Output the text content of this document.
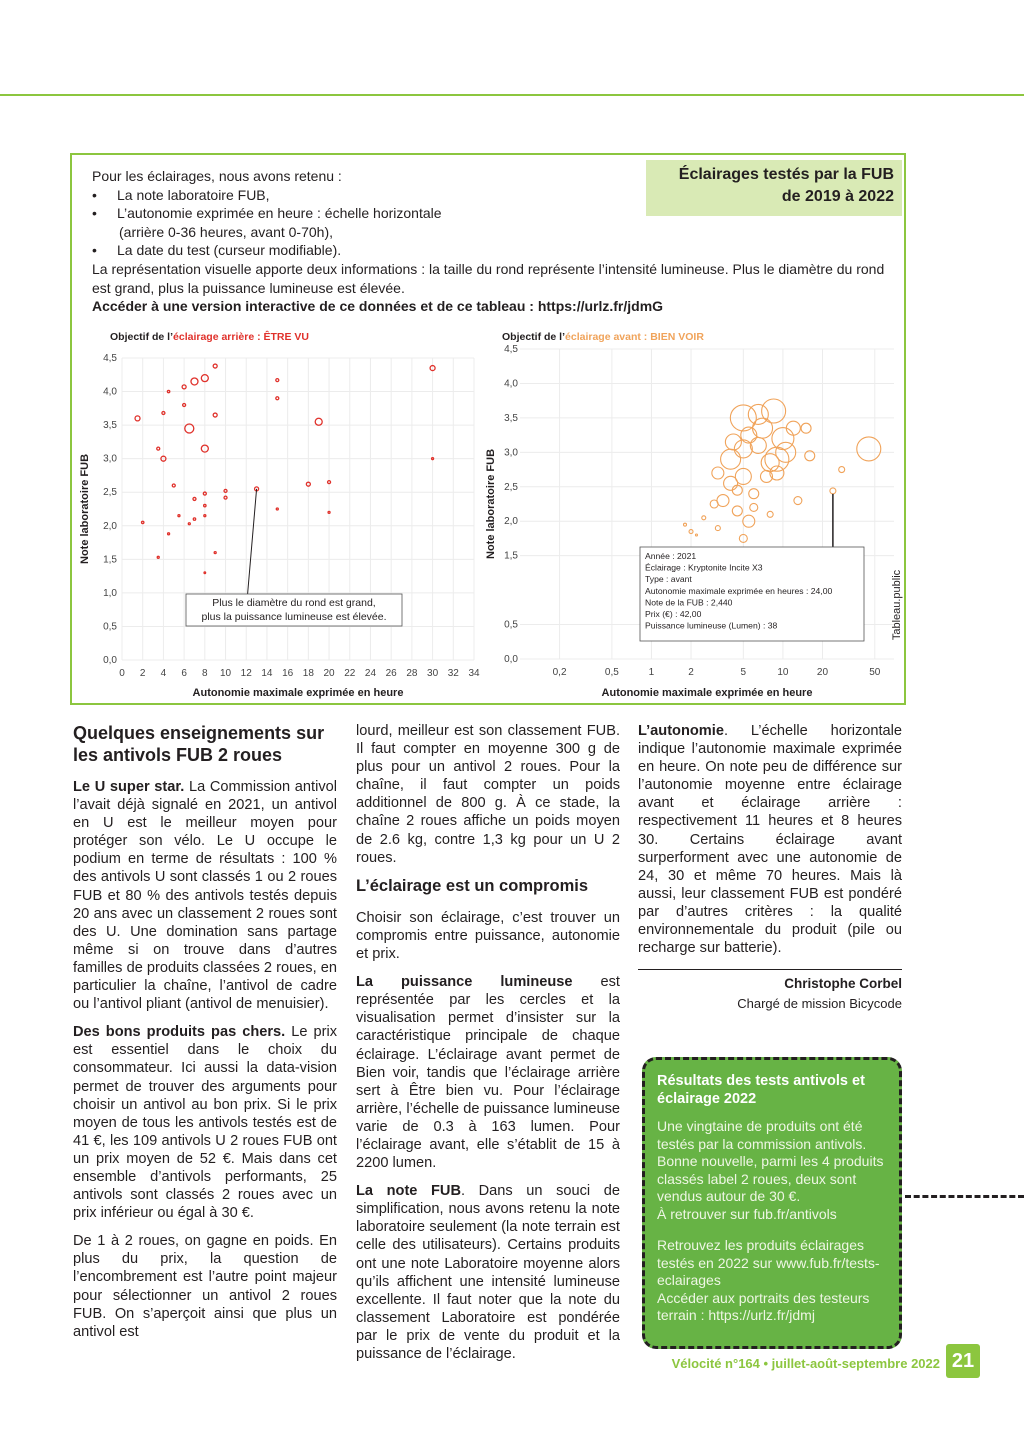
Pour les éclairages, nous avons retenu :

• La note laboratoire FUB,
• L’autonomie exprimée en heure : échelle horizontale
(arrière 0-36 heures, avant 0-70h),
• La date du test (curseur modifiable).

La représentation visuelle apporte deux informations : la taille du rond représente l’intensité lumineuse. Plus le diamètre du rond est grand, plus la puissance lumineuse est élevée.

Accéder à une version interactive de ce données et de ce tableau : https://urlz.fr/jdmG

Éclairages testés par la FUB
de 2019 à 2022
Objectif de l’éclairage arrière : ÊTRE VU	Objectif de l’éclairage avant : BIEN VOIR
0 2 4 6 8 10 12 14 16 18 20 22 24 26 28 30 32 34
0,0
0,5
1,0
1,5
2,0
2,5
3,0
3,5
4,0
4,5
Autonomie maximale exprimée en heure
Note laboratoire FUB
Plus le diamètre du rond est grand,
plus la puissance lumineuse est élevée.
0,2	0,5	1	2	5	10	20	50
0,0
0,5
1,5
2,0
2,5
3,0
3,5
4,0
4,5
Autonomie maximale exprimée en heure
Note laboratoire FUB	Année : 2021
Éclairage : Kryptonite Incite X3
Type : avant
Autonomie maximale exprimée en heures : 24,00
Note de la FUB : 2,440
Prix (€) : 42,00
Puissance lumineuse (Lumen) : 38	Tableau.public
Quelques enseignements sur les antivols FUB 2 roues

Le U super star. La Commission antivol l’avait déjà signalé en 2021, un antivol en U est le meilleur moyen pour protéger son vélo. Le U occupe le podium en terme de résultats : 100 % des antivols U sont classés 1 ou 2 roues FUB et 80 % des antivols testés depuis 20 ans avec un classement 2 roues sont des U. Une domination sans partage même si on trouve dans d’autres familles de produits classées 2 roues, en particulier la chaîne, l’antivol de cadre ou l’antivol pliant (antivol de menuisier).

Des bons produits pas chers. Le prix est essentiel dans le choix du consommateur. Ici aussi la data-vision permet de trouver des arguments pour choisir un antivol au bon prix. Si le prix moyen de tous les antivols testés est de 41 €, les 109 antivols U 2 roues FUB ont un prix moyen de 52 €. Mais dans cet ensemble d’antivols performants, 25 antivols sont classés 2 roues avec un prix inférieur ou égal à 30 €.

De 1 à 2 roues, on gagne en poids. En plus du prix, la question de l’encombrement est l’autre point majeur pour sélectionner un antivol 2 roues FUB. On s’aperçoit ainsi que plus un antivol est

lourd, meilleur est son classement FUB. Il faut compter en moyenne 300 g de plus pour un antivol 2 roues. Pour la chaîne, il faut compter un poids additionnel de 800 g. À ce stade, la chaîne 2 roues affiche un poids moyen de 2.6 kg, contre 1,3 kg pour un U 2 roues.

L’éclairage est un compromis

Choisir son éclairage, c’est trouver un compromis entre puissance, autonomie et prix.

La puissance lumineuse est représentée par les cercles et la visualisation permet d’insister sur la caractéristique principale de chaque éclairage. L’éclairage avant permet de Bien voir, tandis que l’éclairage arrière sert à Être bien vu. Pour l’éclairage arrière, l’échelle de puissance lumineuse varie de 0.3 à 163 lumen. Pour l’éclairage avant, elle s’établit de 15 à 2200 lumen.

La note FUB. Dans un souci de simplification, nous avons retenu la note laboratoire seulement (la note terrain est celle des utilisateurs). Certains produits ont une note Laboratoire moyenne alors qu’ils affichent une intensité lumineuse excellente. Il faut noter que la note du classement Laboratoire est pondérée par le prix de vente du produit et la puissance de l’éclairage.

L’autonomie. L’échelle horizontale indique l’autonomie maximale exprimée en heure. On note peu de différence sur l’autonomie moyenne entre éclairage avant et éclairage arrière : respectivement 11 heures et 8 heures 30. Certains éclairage avant surperforment avec une autonomie de 24, 30 et même 70 heures. Mais là aussi, leur classement FUB est pondéré par d’autres critères : la qualité environnementale du produit (pile ou recharge sur batterie).

Christophe Corbel
Chargé de mission Bicycode
Résultats des tests antivols et éclairage 2022

Une vingtaine de produits ont été testés par la commission antivols. Bonne nouvelle, parmi les 4 produits classés label 2 roues, deux sont vendus autour de 30 €.
À retrouver sur fub.fr/antivols

Retrouvez les produits éclairages testés en 2022 sur www.fub.fr/tests-eclairages

Accéder aux portraits des testeurs terrain : https://urlz.fr/jdmj

Vélocité n°164 • juillet-août-septembre 2022 21
